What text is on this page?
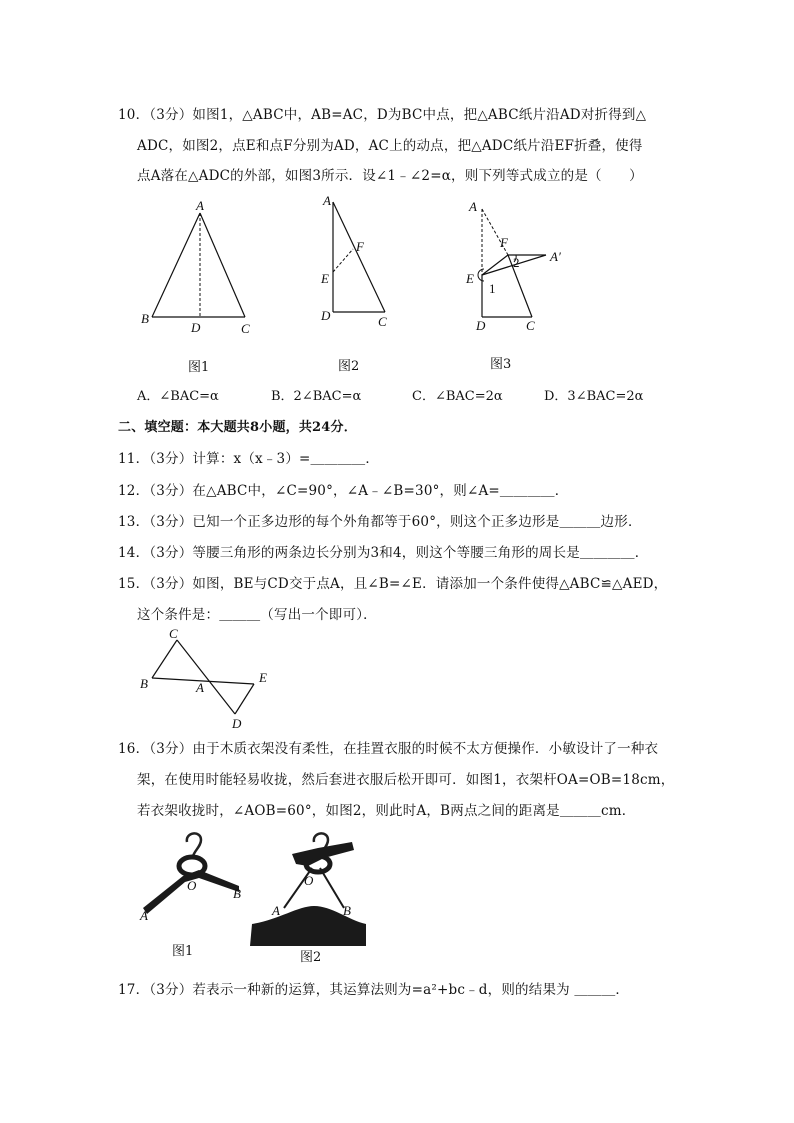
10．（3分）如图1，△ABC中，AB=AC，D为BC中点，把△ABC纸片沿AD对折得到△
ADC，如图2，点E和点F分别为AD，AC上的动点，把△ADC纸片沿EF折叠，使得
点A落在△ADC的外部，如图3所示．设∠1﹣∠2=α，则下列等式成立的是（　　）
A
B
D	C
图1
A
F
E
D	C
图2
A
F
2 A′
E
1
D	C
图3
A．∠BAC=α	B．2∠BAC=α	C．∠BAC=2α	D．3∠BAC=2α
二、填空题：本大题共8小题，共24分．
11．（3分）计算：x（x﹣3）=＿＿＿＿．
12．（3分）在△ABC中，∠C=90°，∠A﹣∠B=30°，则∠A=＿＿＿＿．
13．（3分）已知一个正多边形的每个外角都等于60°，则这个正多边形是＿＿＿边形．
14．（3分）等腰三角形的两条边长分别为3和4，则这个等腰三角形的周长是＿＿＿＿．
15．（3分）如图，BE与CD交于点A，且∠B=∠E．请添加一个条件使得△ABC≌△AED，
这个条件是：＿＿＿（写出一个即可）．
C
B	A
E
D
16．（3分）由于木质衣架没有柔性，在挂置衣服的时候不太方便操作．小敏设计了一种衣
架，在使用时能轻易收拢，然后套进衣服后松开即可．如图1，衣架杆OA=OB=18cm，
若衣架收拢时，∠AOB=60°，如图2，则此时A，B两点之间的距离是＿＿＿cm．
O
A
B
图1
O
A	B
图2
17．（3分）若表示一种新的运算，其运算法则为=a²+bc﹣d，则的结果为 ＿＿＿．
